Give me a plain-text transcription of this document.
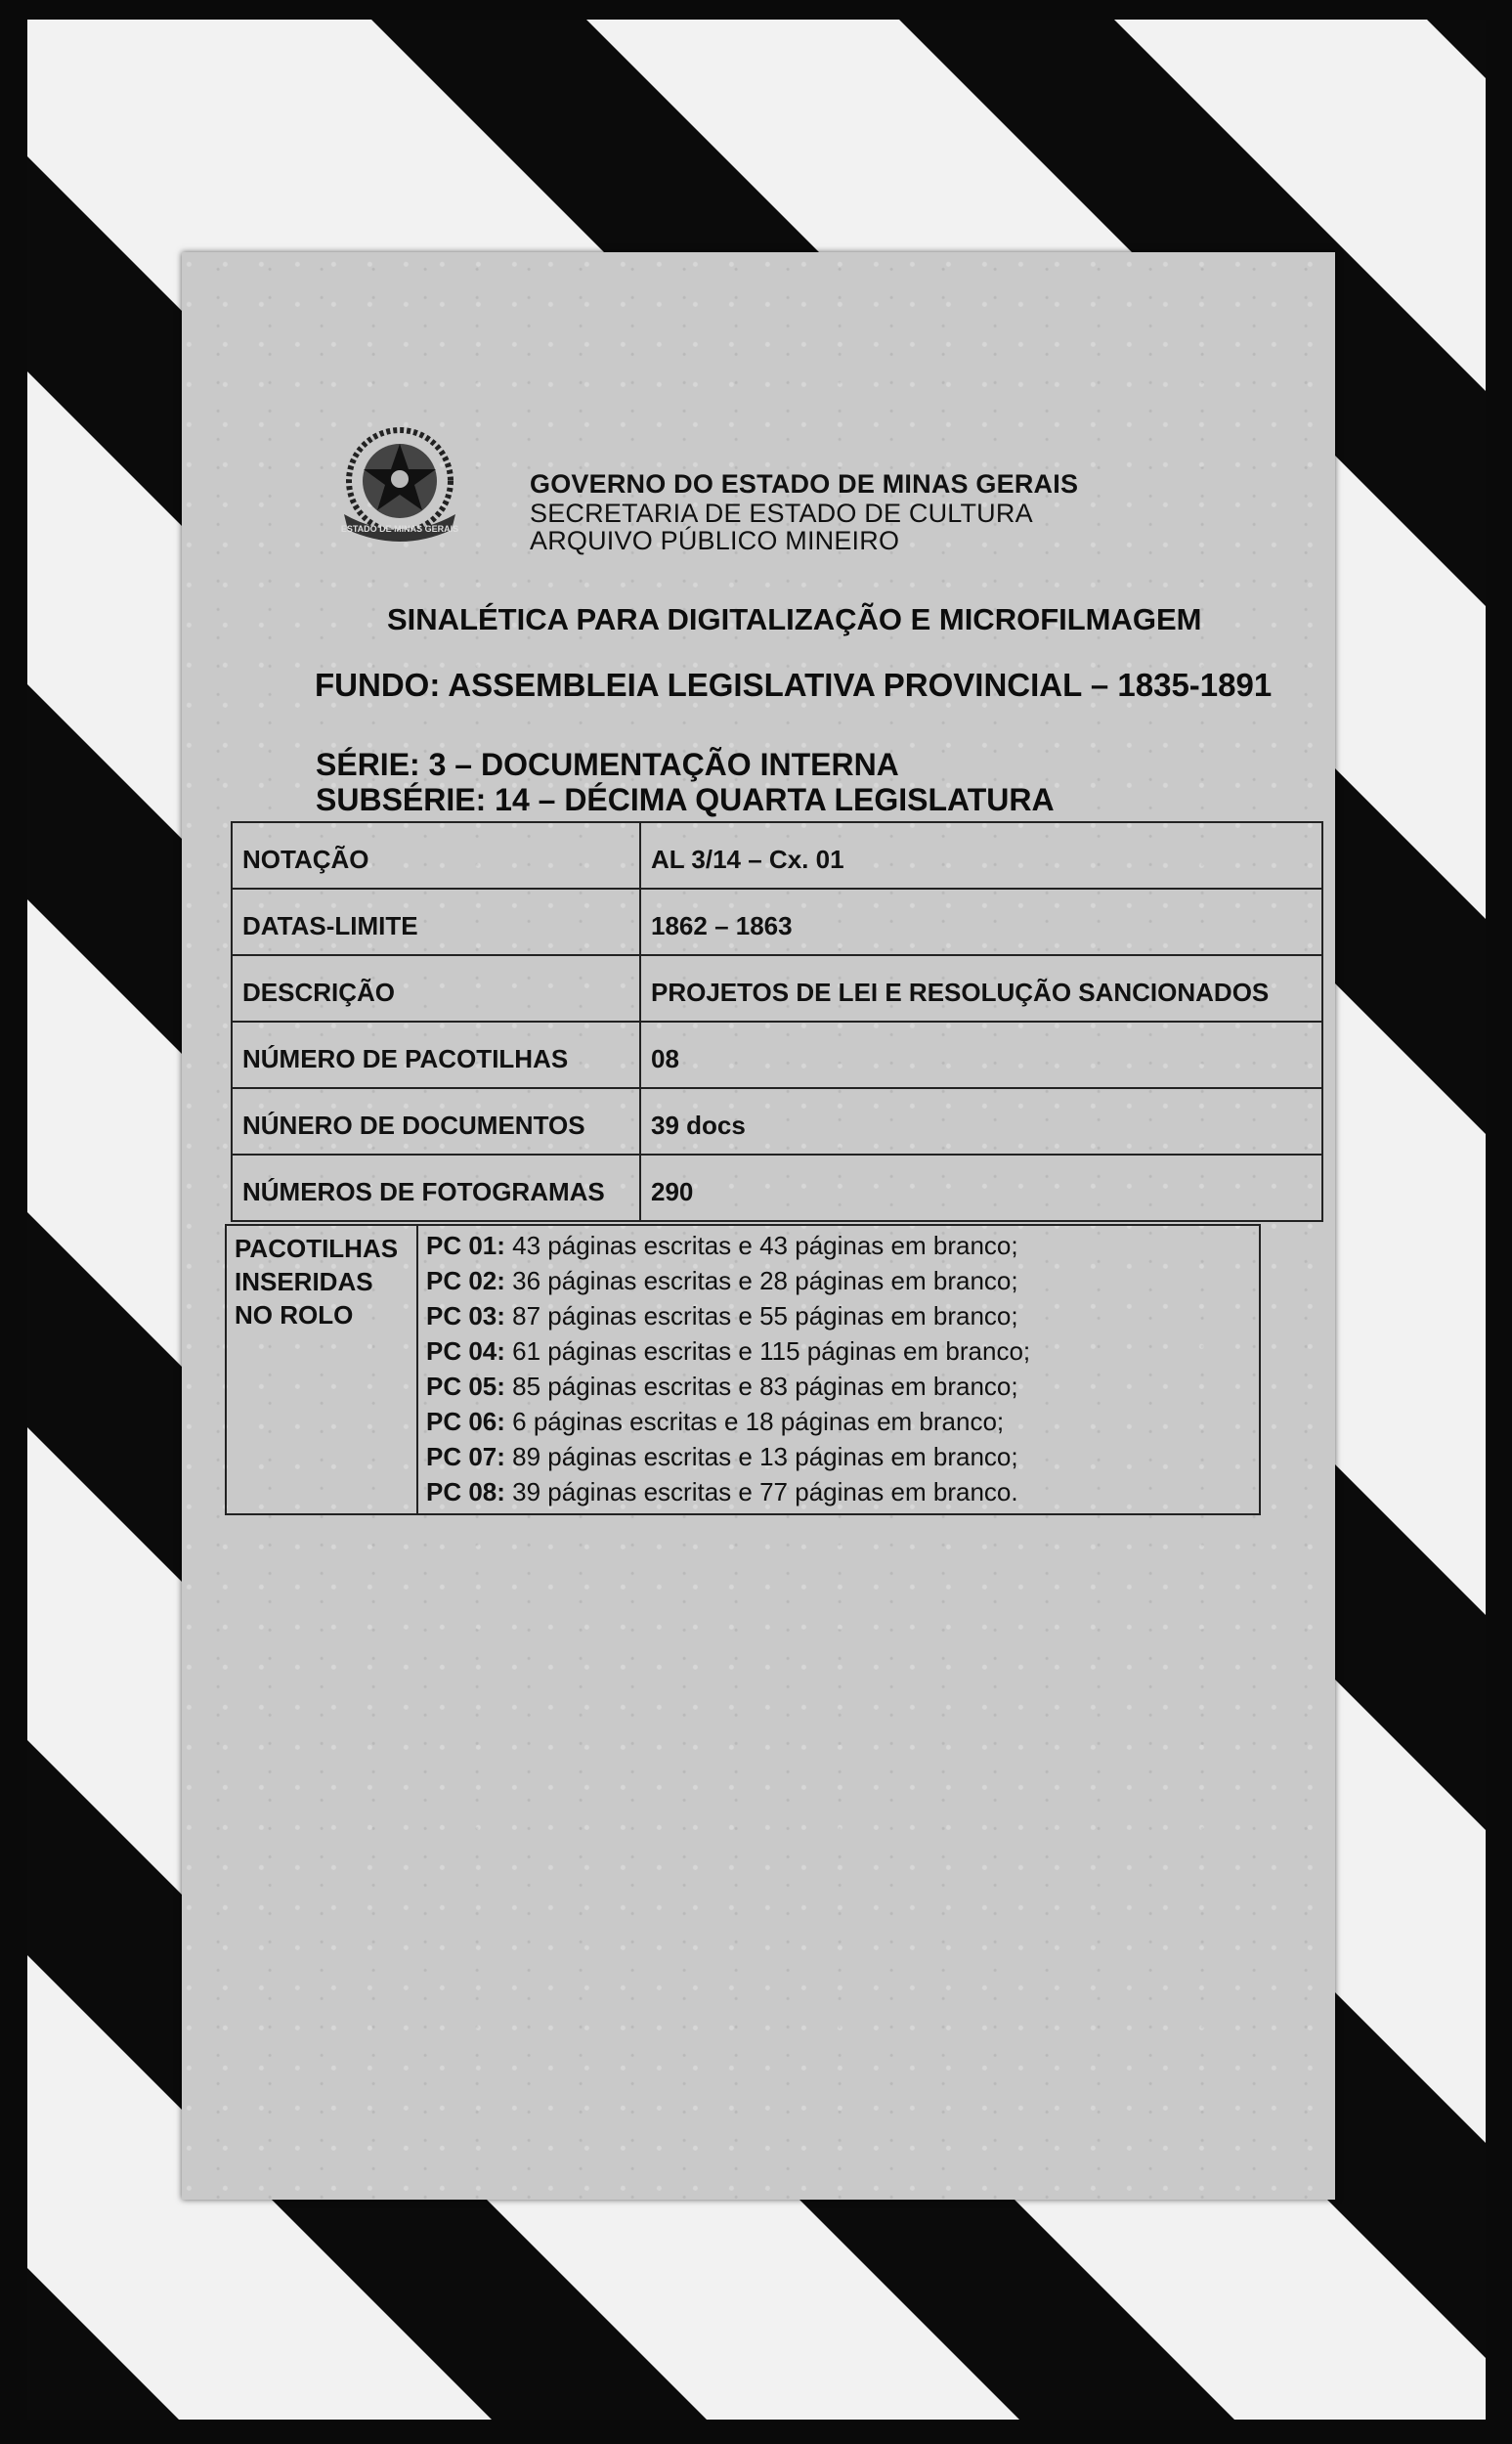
ESTADO DE MINAS GERAIS
GOVERNO DO ESTADO DE MINAS GERAIS
SECRETARIA DE ESTADO DE CULTURA
ARQUIVO PÚBLICO MINEIRO
SINALÉTICA PARA DIGITALIZAÇÃO E MICROFILMAGEM
FUNDO: ASSEMBLEIA LEGISLATIVA PROVINCIAL – 1835-1891
SÉRIE: 3 – DOCUMENTAÇÃO INTERNA
SUBSÉRIE: 14 – DÉCIMA QUARTA LEGISLATURA
NOTAÇÃO	AL 3/14 – Cx. 01
DATAS-LIMITE	1862 – 1863
DESCRIÇÃO	PROJETOS DE LEI E RESOLUÇÃO SANCIONADOS
NÚMERO DE PACOTILHAS	08
NÚNERO DE DOCUMENTOS	39 docs
NÚMEROS DE FOTOGRAMAS	290
PACOTILHAS INSERIDAS NO ROLO	
PC 01: 43 páginas escritas e 43 páginas em branco;
PC 02: 36 páginas escritas e 28 páginas em branco;
PC 03: 87 páginas escritas e 55 páginas em branco;
PC 04: 61 páginas escritas e 115 páginas em branco;
PC 05: 85 páginas escritas e 83 páginas em branco;
PC 06: 6 páginas escritas e 18 páginas em branco;
PC 07: 89 páginas escritas e 13 páginas em branco;
PC 08: 39 páginas escritas e 77 páginas em branco.
